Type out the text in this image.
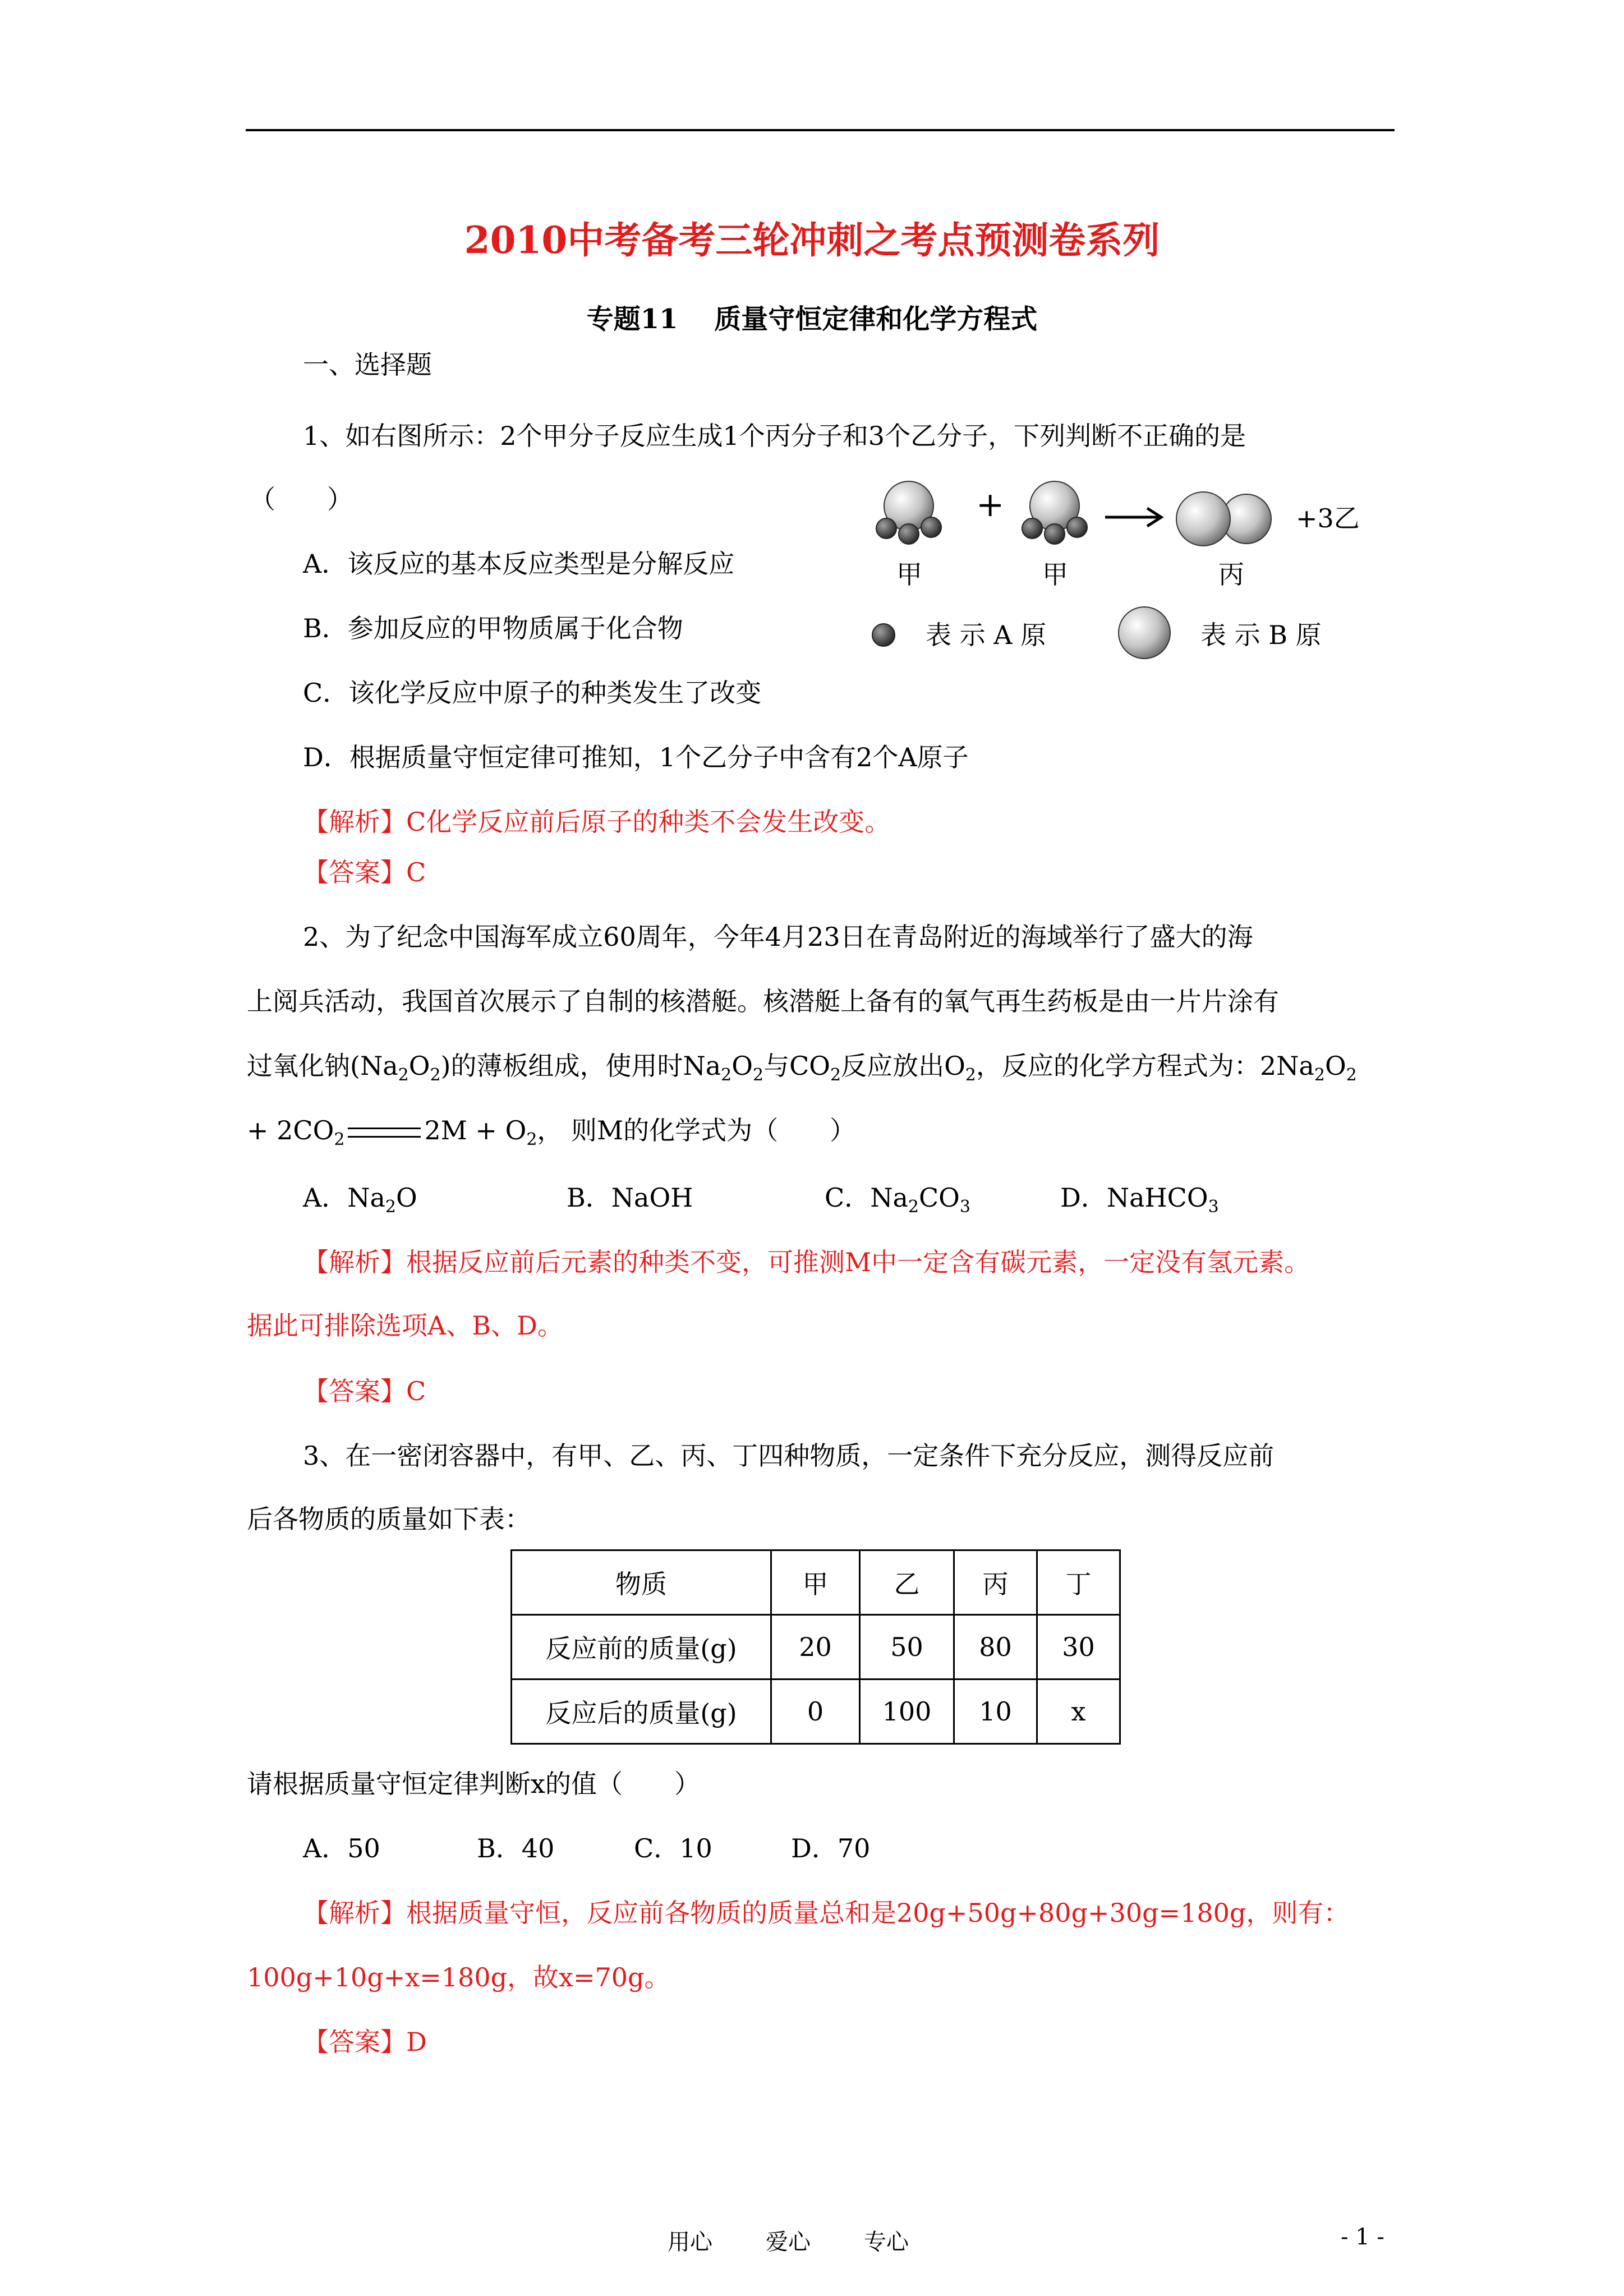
2010中考备考三轮冲刺之考点预测卷系列
专题11　 质量守恒定律和化学方程式
一、选择题
1、如右图所示：2个甲分子反应生成1个丙分子和3个乙分子，下列判断不正确的是
（　　）
A．该反应的基本反应类型是分解反应
B．参加反应的甲物质属于化合物
C．该化学反应中原子的种类发生了改变
D．根据质量守恒定律可推知，1个乙分子中含有2个A原子
【解析】C化学反应前后原子的种类不会发生改变。
【答案】C
+	+3乙
甲	甲	丙
表 示 A 原	表 示 B 原
2、为了纪念中国海军成立60周年，今年4月23日在青岛附近的海域举行了盛大的海
上阅兵活动，我国首次展示了自制的核潜艇。核潜艇上备有的氧气再生药板是由一片片涂有
过氧化钠$(Na_2O_2)$的薄板组成，使用时$Na_2O_2$与$CO_2$反应放出$O_2$，反应的化学方程式为：$2Na_2O_2$
+ $2CO_2$	$2M + O_2$， 则M的化学式为（　　）
A．$Na_2O$	B．NaOH	C．$Na_2CO_3$	D．NaHCO$_3$
【解析】根据反应前后元素的种类不变，可推测M中一定含有碳元素，一定没有氢元素。
据此可排除选项A、B、D。
【答案】C
3、在一密闭容器中，有甲、乙、丙、丁四种物质，一定条件下充分反应，测得反应前
后各物质的质量如下表：
物质	甲	乙	丙	丁
反应前的质量(g)	20	50	80	30
反应后的质量(g)	0	100	10	x
请根据质量守恒定律判断x的值（　　）
A．50	B．40	C．10	D．70
【解析】根据质量守恒，反应前各物质的质量总和是20g+50g+80g+30g=180g，则有：
100g+10g+x=180g，故x=70g。
【答案】D
用心 爱心 专心	- 1 -
